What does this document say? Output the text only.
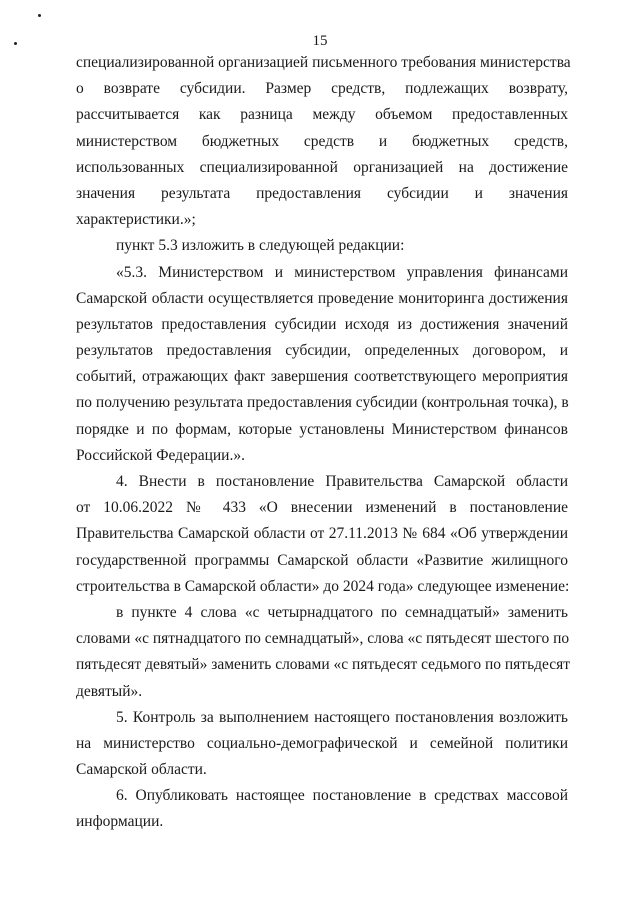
15
специализированной организацией письменного требования министерства
о возврате субсидии. Размер средств, подлежащих возврату,
рассчитывается как разница между объемом предоставленных
министерством бюджетных средств и бюджетных средств,
использованных специализированной организацией на достижение
значения результата предоставления субсидии и значения
характеристики.»;
пункт 5.3 изложить в следующей редакции:
«5.3. Министерством и министерством управления финансами
Самарской области осуществляется проведение мониторинга достижения
результатов предоставления субсидии исходя из достижения значений
результатов предоставления субсидии, определенных договором, и
событий, отражающих факт завершения соответствующего мероприятия
по получению результата предоставления субсидии (контрольная точка), в
порядке и по формам, которые установлены Министерством финансов
Российской Федерации.».
4. Внести в постановление Правительства Самарской области
от 10.06.2022 № 433 «О внесении изменений в постановление
Правительства Самарской области от 27.11.2013 № 684 «Об утверждении
государственной программы Самарской области «Развитие жилищного
строительства в Самарской области» до 2024 года» следующее изменение:
в пункте 4 слова «с четырнадцатого по семнадцатый» заменить
словами «с пятнадцатого по семнадцатый», слова «с пятьдесят шестого по
пятьдесят девятый» заменить словами «с пятьдесят седьмого по пятьдесят
девятый».
5. Контроль за выполнением настоящего постановления возложить
на министерство социально-демографической и семейной политики
Самарской области.
6. Опубликовать настоящее постановление в средствах массовой
информации.
